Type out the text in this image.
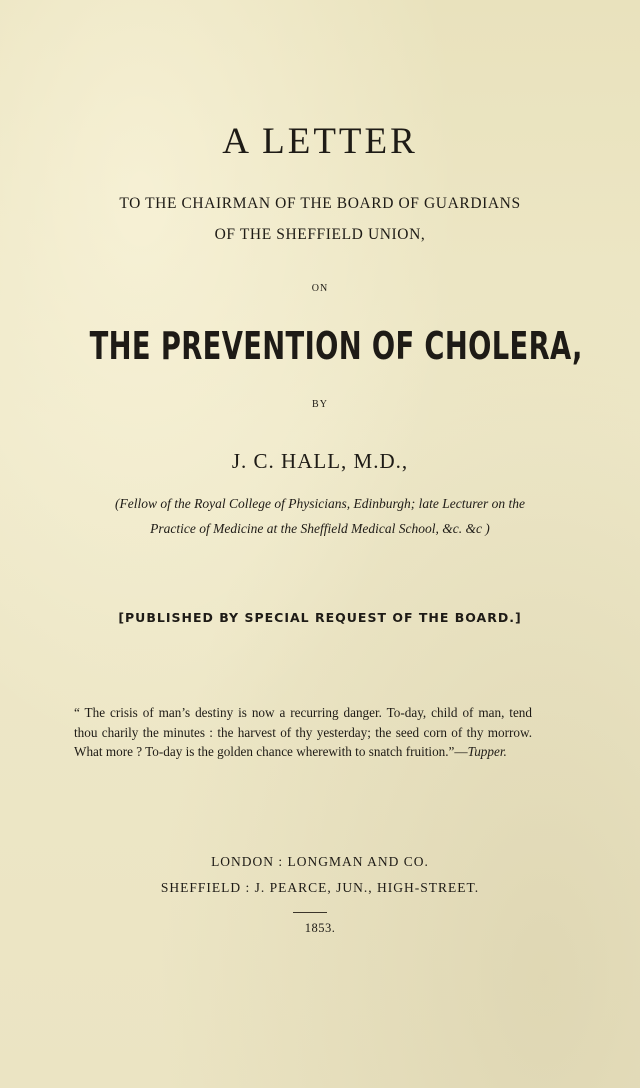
A LETTER
TO THE CHAIRMAN OF THE BOARD OF GUARDIANS
OF THE SHEFFIELD UNION,
ON
THE PREVENTION OF CHOLERA,
BY
J. C. HALL, M.D.,
(Fellow of the Royal College of Physicians, Edinburgh; late Lecturer on the
Practice of Medicine at the Sheffield Medical School, &c. &c )
[PUBLISHED BY SPECIAL REQUEST OF THE BOARD.]
“ The crisis of man’s destiny is now a recurring danger. To-day, child of man, tend thou charily the minutes : the harvest of thy yesterday; the seed corn of thy morrow. What more ? To-day is the golden chance wherewith to snatch fruition.”—Tupper.
LONDON : LONGMAN AND CO.
SHEFFIELD : J. PEARCE, JUN., HIGH-STREET.
1853.
